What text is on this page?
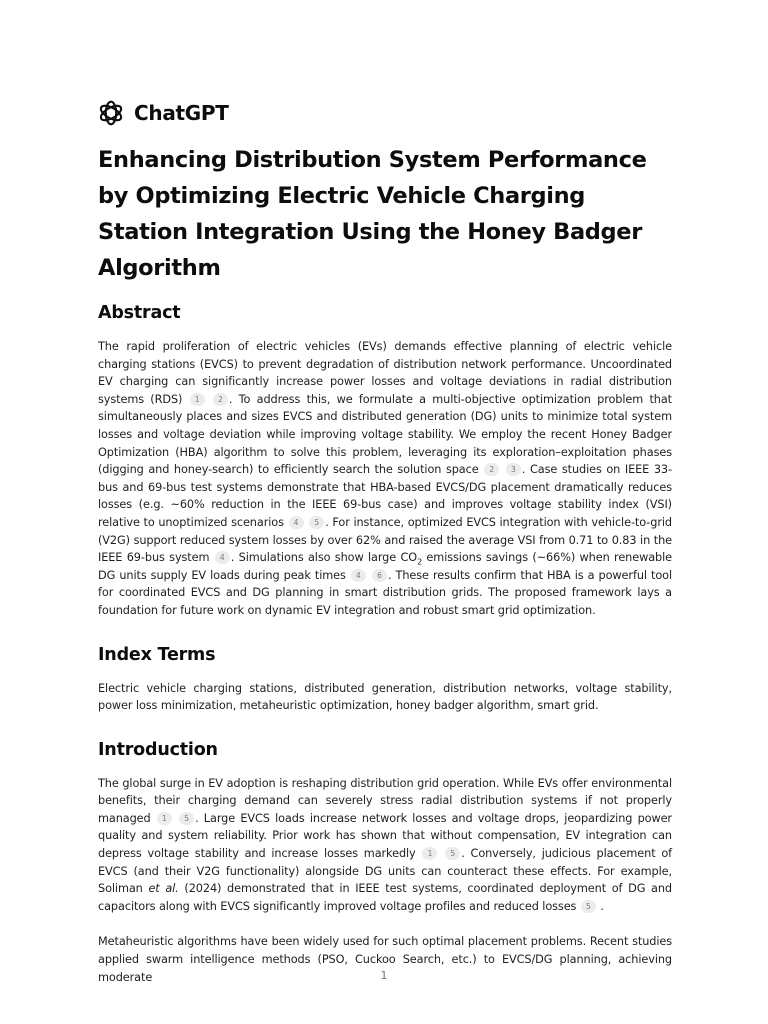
ChatGPT
Enhancing Distribution System Performance by Optimizing Electric Vehicle Charging Station Integration Using the Honey Badger Algorithm
Abstract

The rapid proliferation of electric vehicles (EVs) demands effective planning of electric vehicle charging stations (EVCS) to prevent degradation of distribution network performance. Uncoordinated EV charging can significantly increase power losses and voltage deviations in radial distribution systems (RDS) 1 2 . To address this, we formulate a multi-objective optimization problem that simultaneously places and sizes EVCS and distributed generation (DG) units to minimize total system losses and voltage deviation while improving voltage stability. We employ the recent Honey Badger Optimization (HBA) algorithm to solve this problem, leveraging its exploration–exploitation phases (digging and honey-search) to efficiently search the solution space 2 3 . Case studies on IEEE 33-bus and 69-bus test systems demonstrate that HBA-based EVCS/DG placement dramatically reduces losses (e.g. ~60% reduction in the IEEE 69-bus case) and improves voltage stability index (VSI) relative to unoptimized scenarios 4 5 . For instance, optimized EVCS integration with vehicle-to-grid (V2G) support reduced system losses by over 62% and raised the average VSI from 0.71 to 0.83 in the IEEE 69-bus system 4 . Simulations also show large $CO_2$ emissions savings (~66%) when renewable DG units supply EV loads during peak times 4 6 . These results confirm that HBA is a powerful tool for coordinated EVCS and DG planning in smart distribution grids. The proposed framework lays a foundation for future work on dynamic EV integration and robust smart grid optimization.

Index Terms

Electric vehicle charging stations, distributed generation, distribution networks, voltage stability, power loss minimization, metaheuristic optimization, honey badger algorithm, smart grid.

Introduction

The global surge in EV adoption is reshaping distribution grid operation. While EVs offer environmental benefits, their charging demand can severely stress radial distribution systems if not properly managed 1 5 . Large EVCS loads increase network losses and voltage drops, jeopardizing power quality and system reliability. Prior work has shown that without compensation, EV integration can depress voltage stability and increase losses markedly 1 5 . Conversely, judicious placement of EVCS (and their V2G functionality) alongside DG units can counteract these effects. For example, Soliman et al. (2024) demonstrated that in IEEE test systems, coordinated deployment of DG and capacitors along with EVCS significantly improved voltage profiles and reduced losses 5 .

Metaheuristic algorithms have been widely used for such optimal placement problems. Recent studies applied swarm intelligence methods (PSO, Cuckoo Search, etc.) to EVCS/DG planning, achieving moderate	1
